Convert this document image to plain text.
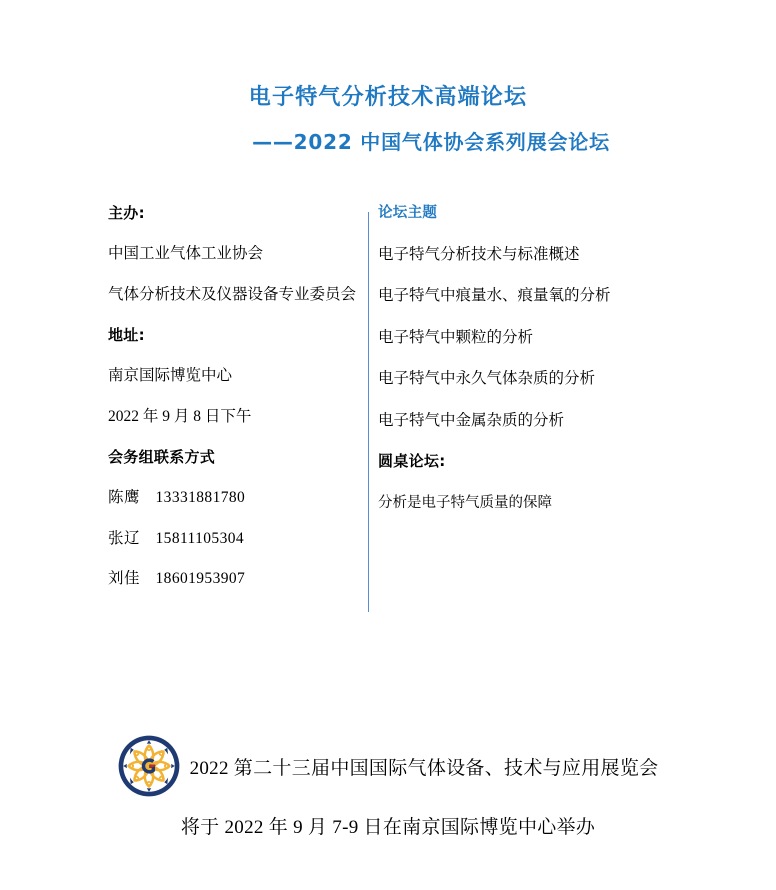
电子特气分析技术高端论坛
——2022 中国气体协会系列展会论坛
主办:
中国工业气体工业协会
气体分析技术及仪器设备专业委员会
地址:
南京国际博览中心
2022 年 9 月 8 日下午
会务组联系方式
陈鹰 13331881780
张辽 15811105304
刘佳 18601953907
论坛主题
电子特气分析技术与标准概述
电子特气中痕量水、痕量氧的分析
电子特气中颗粒的分析
电子特气中永久气体杂质的分析
电子特气中金属杂质的分析
圆桌论坛:
分析是电子特气质量的保障
2022 第二十三届中国国际气体设备、技术与应用展览会
将于 2022 年 9 月 7-9 日在南京国际博览中心举办
